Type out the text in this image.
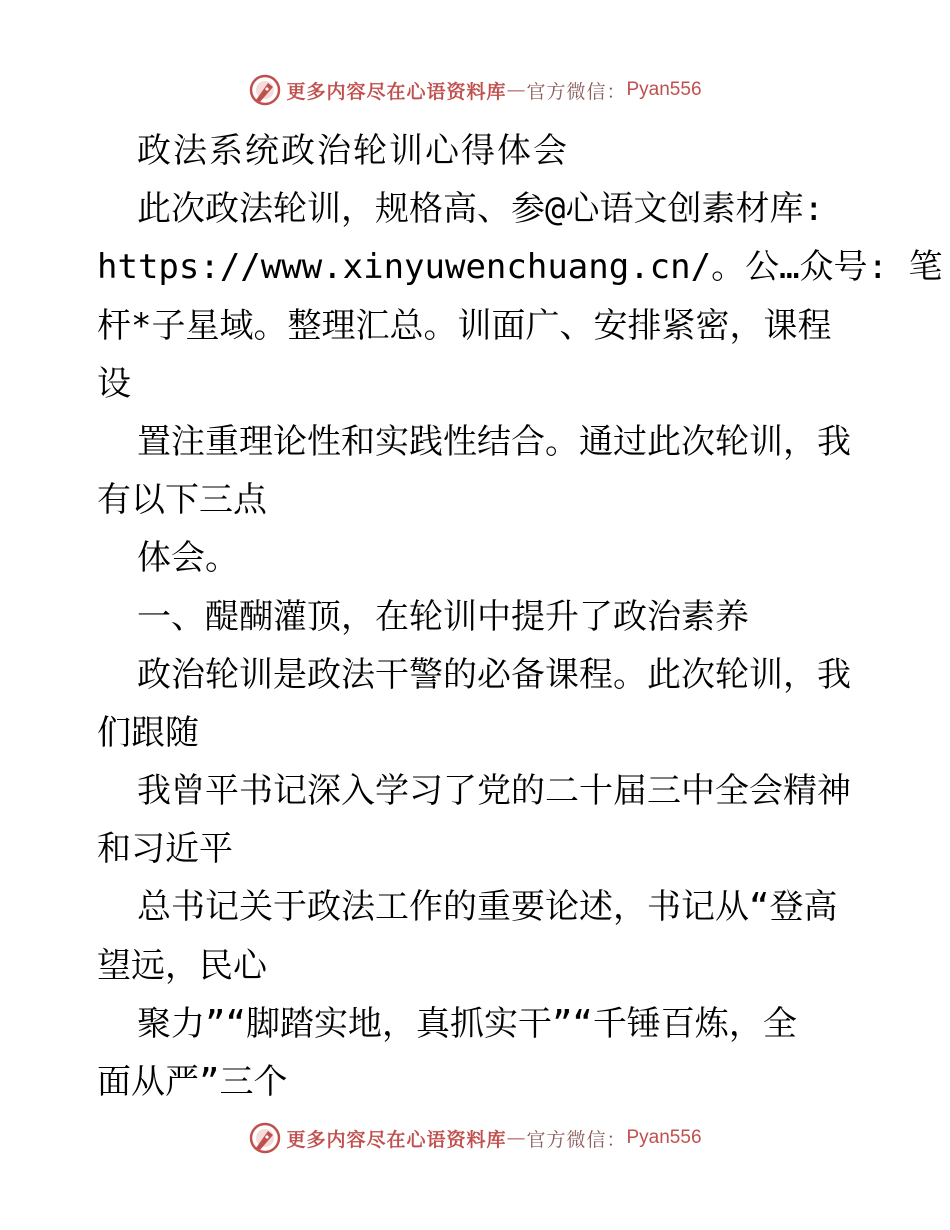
更多内容尽在心语资料库 — 官方微信： Pyan556
政法系统政治轮训心得体会
此次政法轮训，规格高、参@心语文创素材库:
https://www.xinyuwenchuang.cn/。公…众号: 笔
杆*子星域。整理汇总。训面广、安排紧密，课程
设
置注重理论性和实践性结合。通过此次轮训，我
有以下三点
体会。
一、醍醐灌顶，在轮训中提升了政治素养
政治轮训是政法干警的必备课程。此次轮训，我
们跟随
我曾平书记深入学习了党的二十届三中全会精神
和习近平
总书记关于政法工作的重要论述，书记从“登高
望远，民心
聚力”“脚踏实地，真抓实干”“千锤百炼，全
面从严”三个
更多内容尽在心语资料库 — 官方微信： Pyan556
